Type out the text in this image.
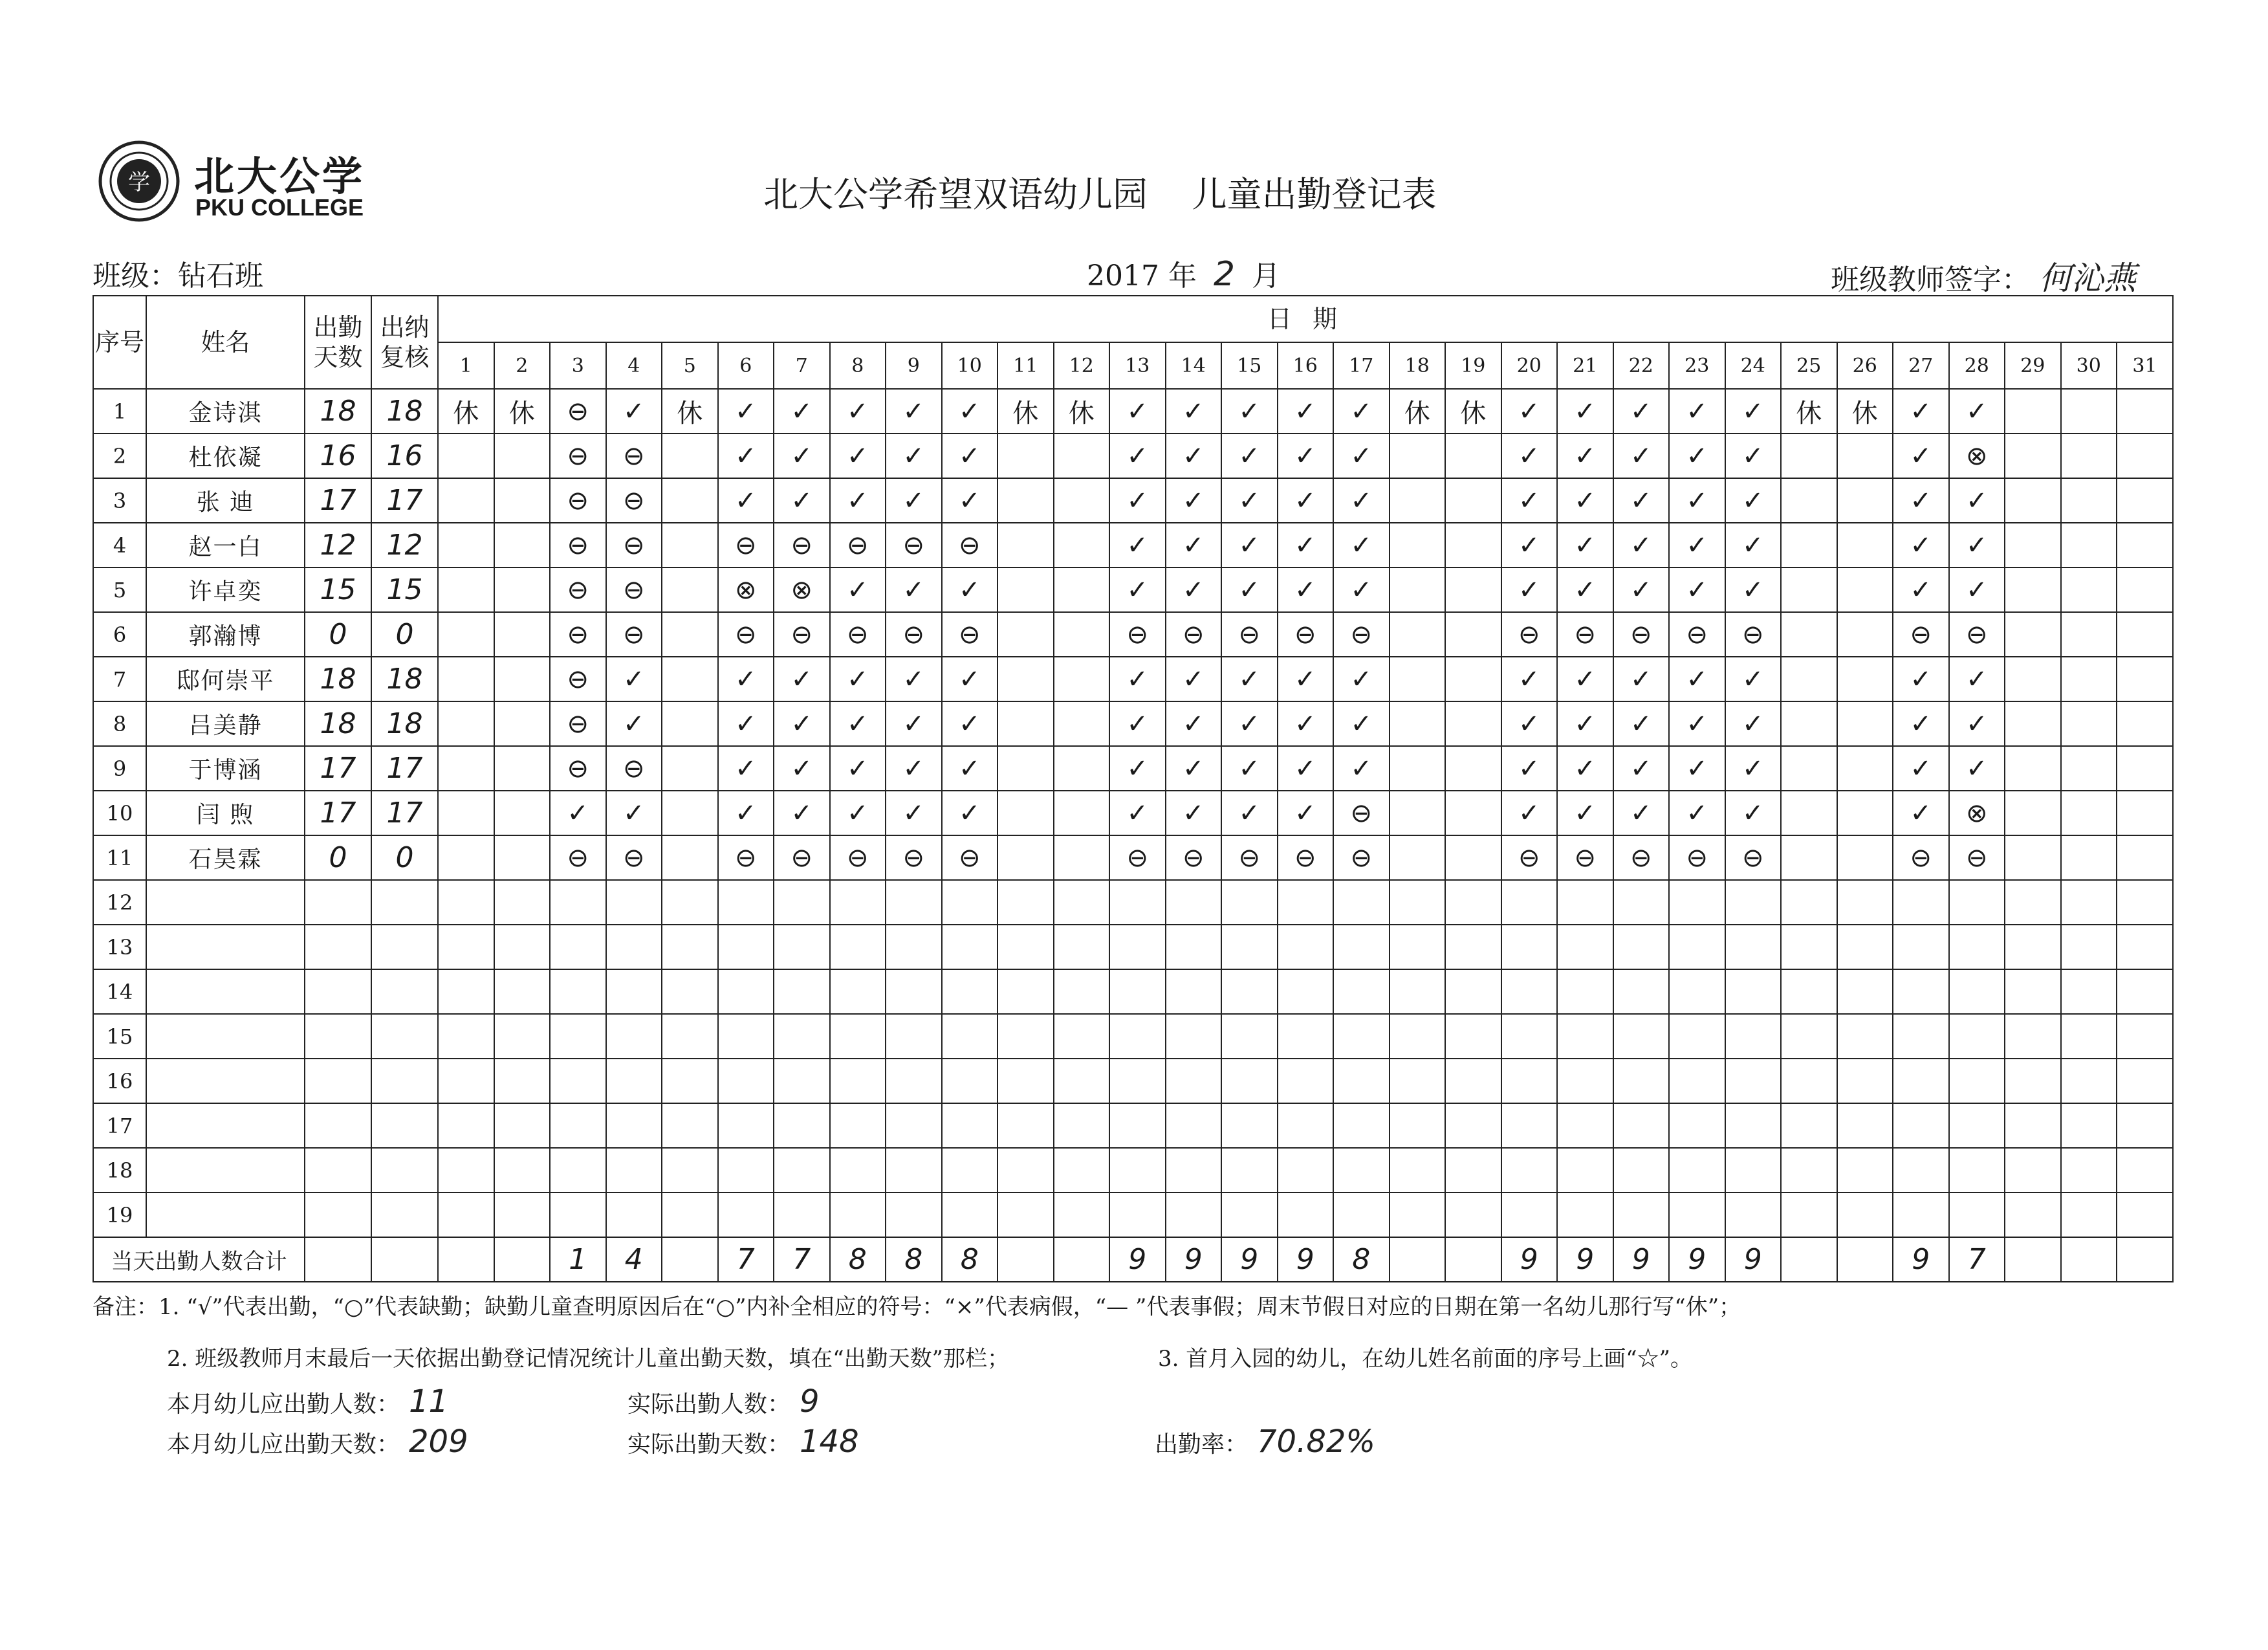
学 北大公学
PKU COLLEGE	北大公学希望双语幼儿园    儿童出勤登记表
班级：钻石班	2017 年 2 月	班级教师签字： 何沁燕
序号	姓名	出勤天数	出纳复核	日 期																														
				1	2	3	4	5	6	7	8	9	10	11	12	13	14	15	16	17	18	19	20	21	22	23	24	25	26	27	28	29	30	31
1	金诗淇	18	18	休	休	⊖	✓	休	✓	✓	✓	✓	✓	休	休	✓	✓	✓	✓	✓	休	休	✓	✓	✓	✓	✓	休	休	✓	✓			
2	杜依凝	16	16			⊖	⊖		✓	✓	✓	✓	✓			✓	✓	✓	✓	✓			✓	✓	✓	✓	✓			✓	⊗			
3	张 迪	17	17			⊖	⊖		✓	✓	✓	✓	✓			✓	✓	✓	✓	✓			✓	✓	✓	✓	✓			✓	✓			
4	赵一白	12	12			⊖	⊖		⊖	⊖	⊖	⊖	⊖			✓	✓	✓	✓	✓			✓	✓	✓	✓	✓			✓	✓			
5	许卓奕	15	15			⊖	⊖		⊗	⊗	✓	✓	✓			✓	✓	✓	✓	✓			✓	✓	✓	✓	✓			✓	✓			
6	郭瀚博	0	0			⊖	⊖		⊖	⊖	⊖	⊖	⊖			⊖	⊖	⊖	⊖	⊖			⊖	⊖	⊖	⊖	⊖			⊖	⊖			
7	邸何崇平	18	18			⊖	✓		✓	✓	✓	✓	✓			✓	✓	✓	✓	✓			✓	✓	✓	✓	✓			✓	✓			
8	吕美静	18	18			⊖	✓		✓	✓	✓	✓	✓			✓	✓	✓	✓	✓			✓	✓	✓	✓	✓			✓	✓			
9	于博涵	17	17			⊖	⊖		✓	✓	✓	✓	✓			✓	✓	✓	✓	✓			✓	✓	✓	✓	✓			✓	✓			
10	闫 煦	17	17			✓	✓		✓	✓	✓	✓	✓			✓	✓	✓	✓	⊖			✓	✓	✓	✓	✓			✓	⊗			
11	石昊霖	0	0			⊖	⊖		⊖	⊖	⊖	⊖	⊖			⊖	⊖	⊖	⊖	⊖			⊖	⊖	⊖	⊖	⊖			⊖	⊖			
12																																		
13																																		
14																																		
15																																		
16																																		
17																																		
18																																		
19																																		
当天出勤人数合计						1	4		7	7	8	8	8			9	9	9	9	8			9	9	9	9	9			9	7			
备注：1. “√”代表出勤，“○”代表缺勤；缺勤儿童查明原因后在“○”内补全相应的符号：“×”代表病假，“— ”代表事假；周末节假日对应的日期在第一名幼儿那行写“休”；
2. 班级教师月末最后一天依据出勤登记情况统计儿童出勤天数，填在“出勤天数”那栏；	3. 首月入园的幼儿，在幼儿姓名前面的序号上画“☆”。
本月幼儿应出勤人数： 11	实际出勤人数： 9
本月幼儿应出勤天数： 209	实际出勤天数： 148	出勤率： 70.82%
